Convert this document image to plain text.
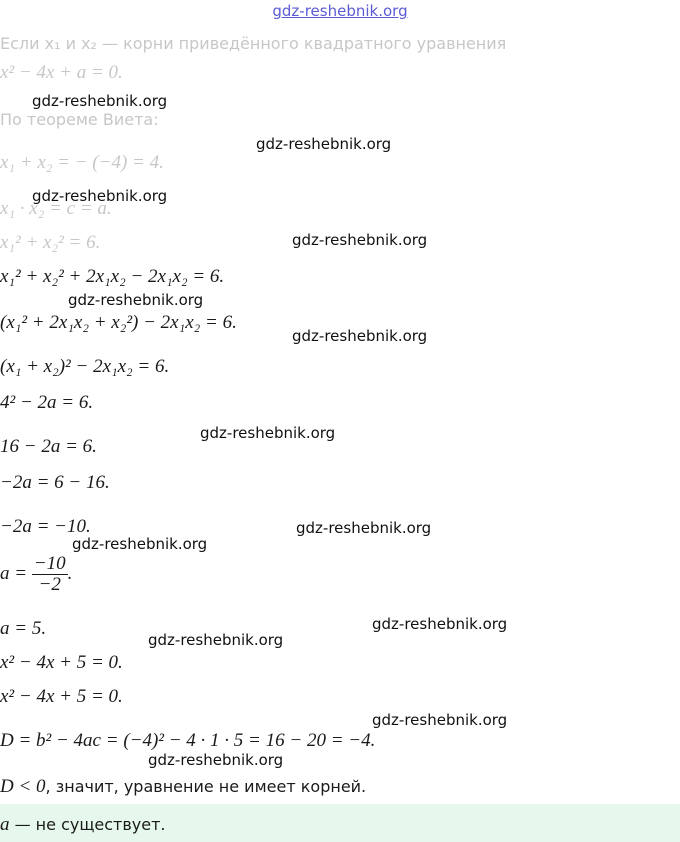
gdz-reshebnik.org
Если x₁ и x₂ — корни приведённого квадратного уравнения
x² − 4x + a = 0.
По теореме Виета:
x₁ + x₂ = − (−4) = 4.
x₁ · x₂ = c = a.
x₁² + x₂² = 6.
x₁² + x₂² + 2x₁x₂ − 2x₁x₂ = 6.
(x₁² + 2x₁x₂ + x₂²) − 2x₁x₂ = 6.
(x₁ + x₂)² − 2x₁x₂ = 6.
4² − 2a = 6.
16 − 2a = 6.
−2a = 6 − 16.
−2a = −10.
$a = \frac{-10}{-2}$ .
a = 5.
x² − 4x + 5 = 0.
x² − 4x + 5 = 0.
D = b² − 4ac = (−4)² − 4 · 1 · 5 = 16 − 20 = −4.
D < 0, значит, уравнение не имеет корней.
a — не существует.
gdz-reshebnik.org
gdz-reshebnik.org
gdz-reshebnik.org
gdz-reshebnik.org
gdz-reshebnik.org
gdz-reshebnik.org
gdz-reshebnik.org
gdz-reshebnik.org
gdz-reshebnik.org
gdz-reshebnik.org
gdz-reshebnik.org
gdz-reshebnik.org
gdz-reshebnik.org
